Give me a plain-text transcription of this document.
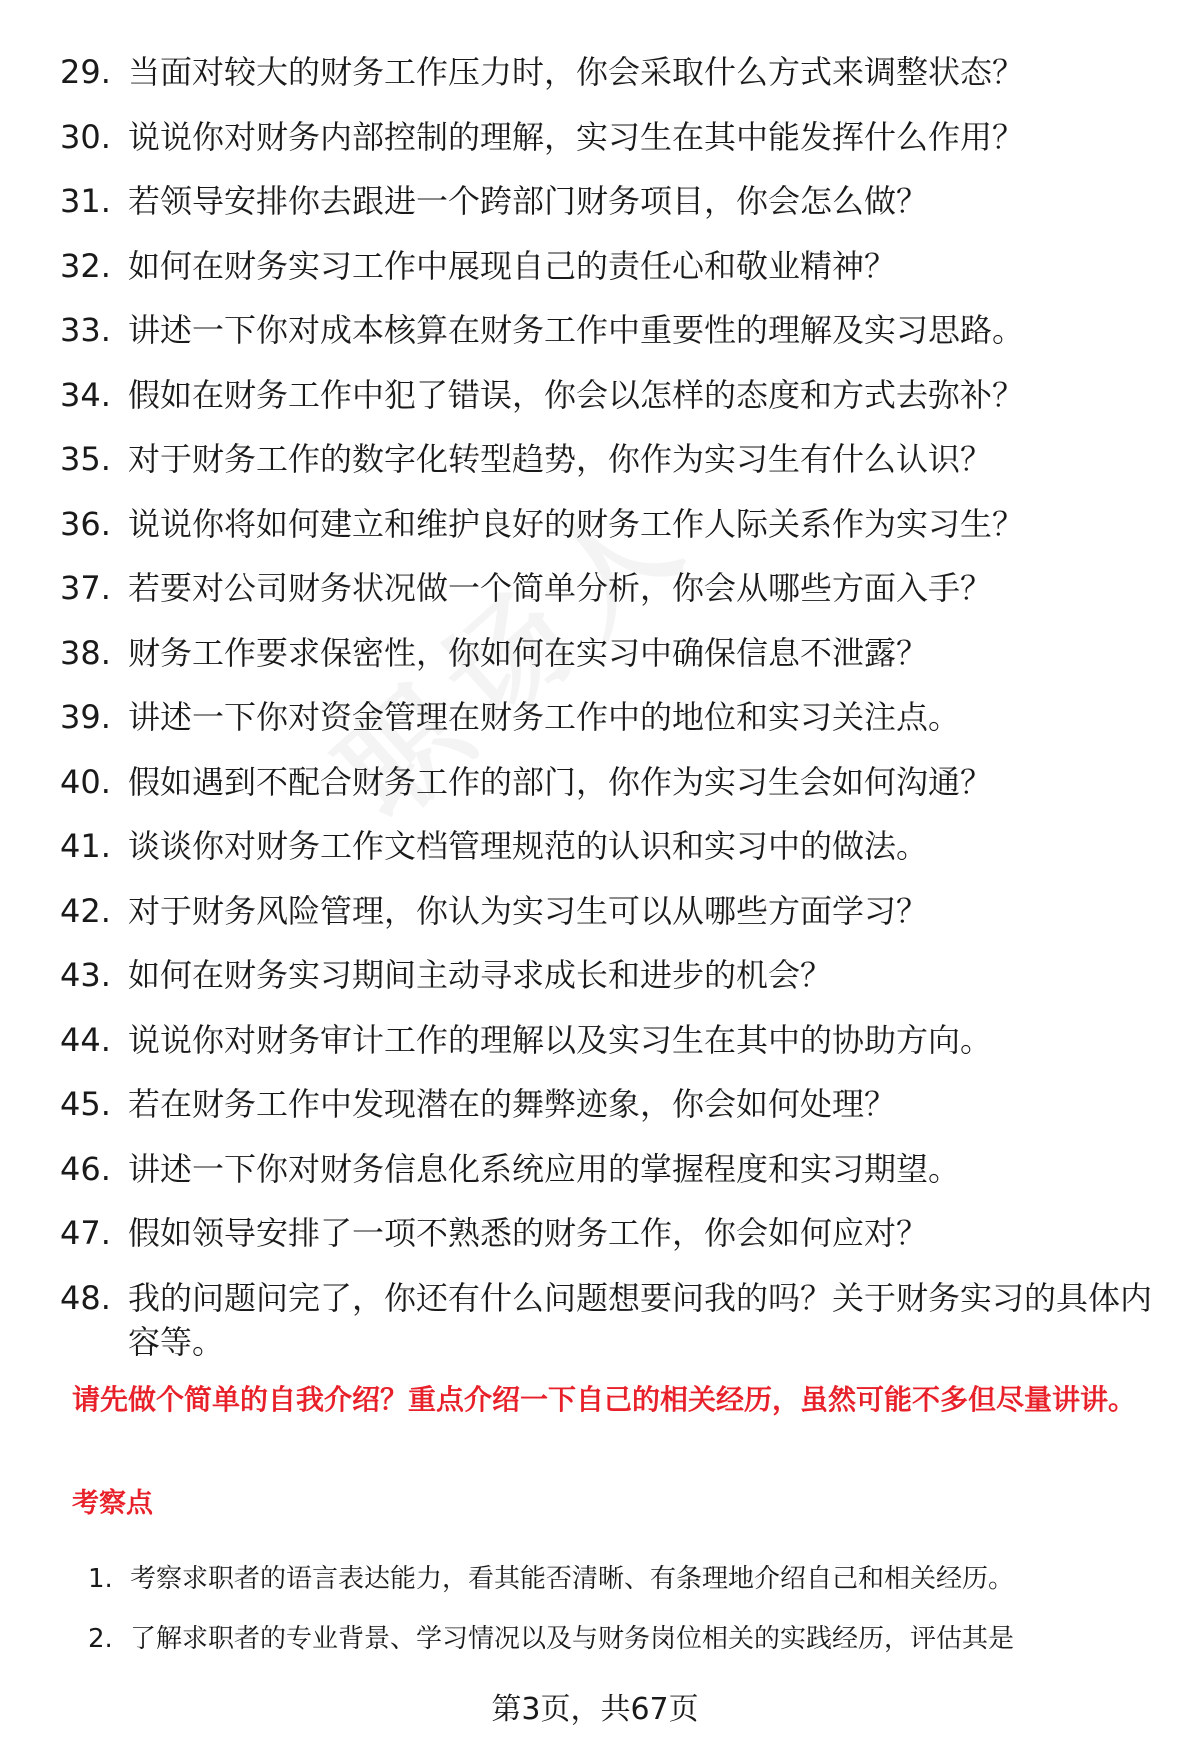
29. 当面对较大的财务工作压力时，你会采取什么方式来调整状态？
30. 说说你对财务内部控制的理解，实习生在其中能发挥什么作用？
31. 若领导安排你去跟进一个跨部门财务项目，你会怎么做？
32. 如何在财务实习工作中展现自己的责任心和敬业精神？
33. 讲述一下你对成本核算在财务工作中重要性的理解及实习思路。
34. 假如在财务工作中犯了错误，你会以怎样的态度和方式去弥补？
35. 对于财务工作的数字化转型趋势，你作为实习生有什么认识？
36. 说说你将如何建立和维护良好的财务工作人际关系作为实习生？
37. 若要对公司财务状况做一个简单分析，你会从哪些方面入手？
38. 财务工作要求保密性，你如何在实习中确保信息不泄露？
39. 讲述一下你对资金管理在财务工作中的地位和实习关注点。
40. 假如遇到不配合财务工作的部门，你作为实习生会如何沟通？
41. 谈谈你对财务工作文档管理规范的认识和实习中的做法。
42. 对于财务风险管理，你认为实习生可以从哪些方面学习？
43. 如何在财务实习期间主动寻求成长和进步的机会？
44. 说说你对财务审计工作的理解以及实习生在其中的协助方向。
45. 若在财务工作中发现潜在的舞弊迹象，你会如何处理？
46. 讲述一下你对财务信息化系统应用的掌握程度和实习期望。
47. 假如领导安排了一项不熟悉的财务工作，你会如何应对？
48. 我的问题问完了，你还有什么问题想要问我的吗？关于财务实习的具体内容等。

请先做个简单的自我介绍？重点介绍一下自己的相关经历，虽然可能不多但尽量讲讲。

考察点

1. 考察求职者的语言表达能力，看其能否清晰、有条理地介绍自己和相关经历。
2. 了解求职者的专业背景、学习情况以及与财务岗位相关的实践经历，评估其是
第3页，共67页
